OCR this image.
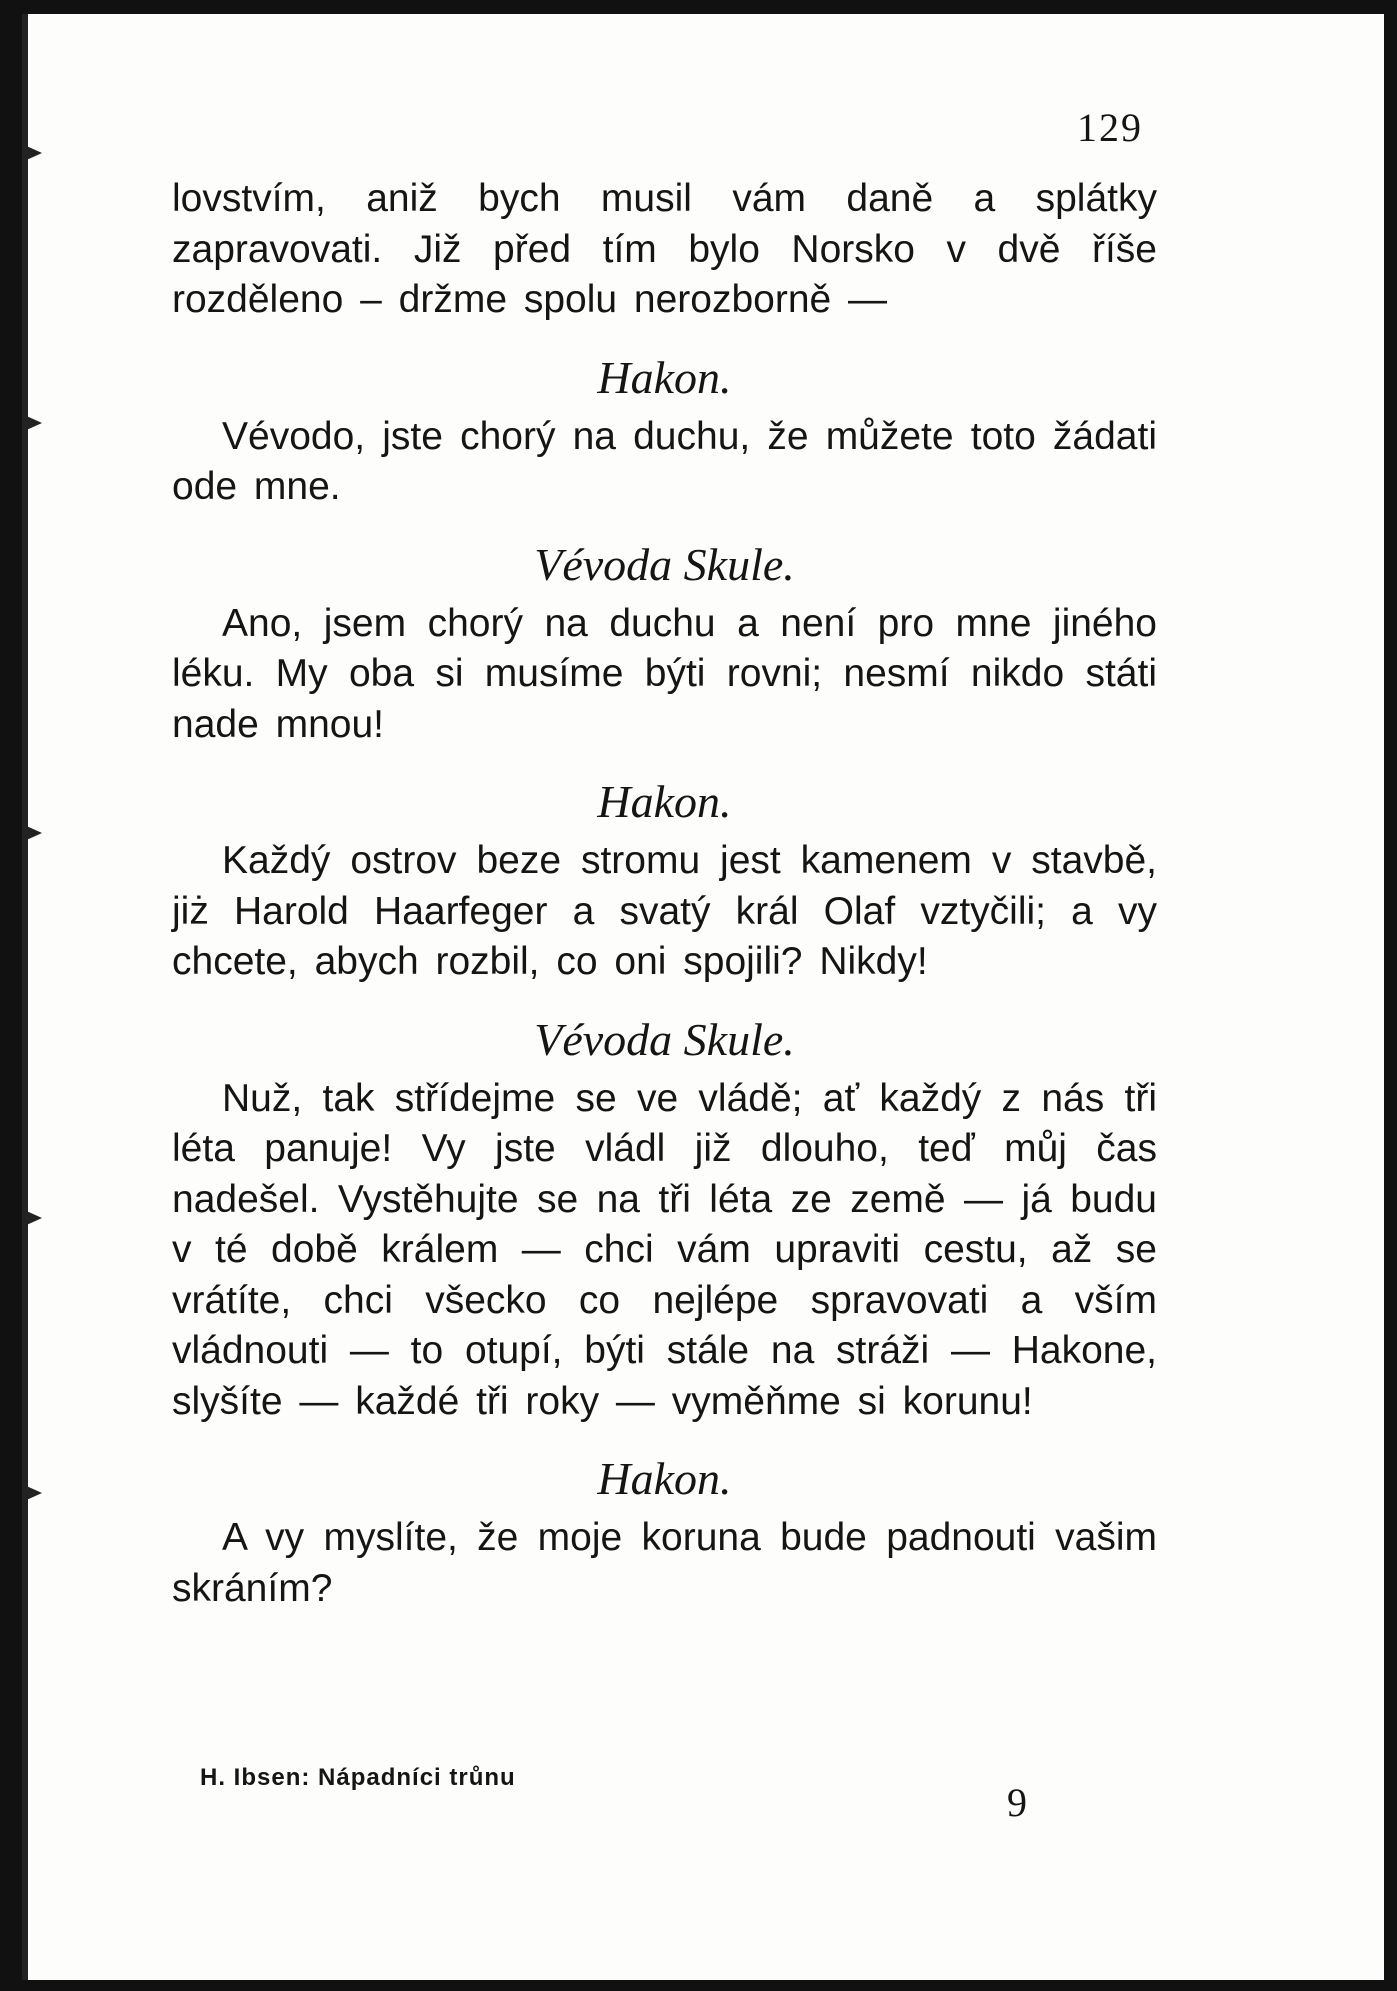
129

lovstvím, aniž bych musil vám daně a splátky zapravovati. Již před tím bylo Norsko v dvě říše rozděleno – držme spolu nerozborně —

Hakon.

Vévodo, jste chorý na duchu, že můžete toto žádati ode mne.

Vévoda Skule.

Ano, jsem chorý na duchu a není pro mne jiného léku. My oba si musíme býti rovni; nesmí nikdo státi nade mnou!

Hakon.

Každý ostrov beze stromu jest kamenem v stavbě, jiż Harold Haarfeger a svatý král Olaf vztyčili; a vy chcete, abych rozbil, co oni spojili? Nikdy!

Vévoda Skule.

Nuž, tak střídejme se ve vládě; ať každý z nás tři léta panuje! Vy jste vládl již dlouho, teď můj čas nadešel. Vystěhujte se na tři léta ze země — já budu v té době králem — chci vám upraviti cestu, až se vrátíte, chci všecko co nejlépe spravovati a vším vládnouti — to otupí, býti stále na stráži — Hakone, slyšíte — každé tři roky — vyměňme si korunu!

Hakon.

A vy myslíte, že moje koruna bude padnouti vašim skráním?

H. Ibsen: Nápadníci trůnu
9
